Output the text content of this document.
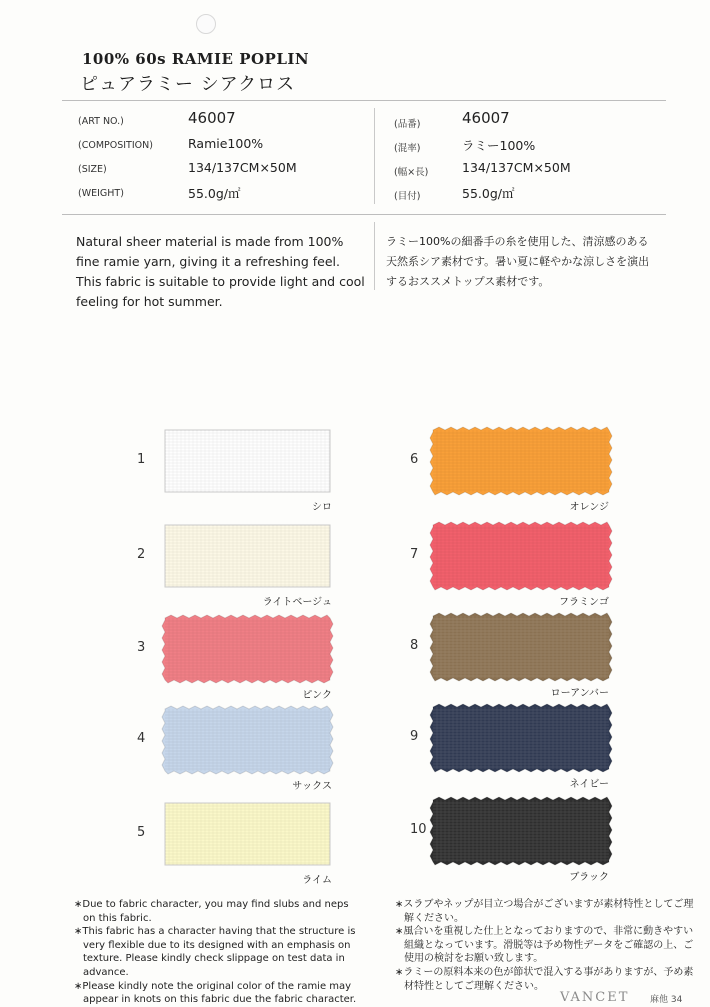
100% 60s RAMIE POPLIN
ピュアラミー シアクロス
(ART NO.)	46007
(COMPOSITION)	Ramie100%
(SIZE)	134/137CM×50M
(WEIGHT)	55.0g/㎡
(品番)	46007
(混率)	ラミー100%
(幅×長)	134/137CM×50M
(目付)	55.0g/㎡
Natural sheer material is made from 100%
fine ramie yarn, giving it a refreshing feel.
This fabric is suitable to provide light and cool
feeling for hot summer.
ラミー100%の細番手の糸を使用した、清涼感のある
天然系シア素材です。暑い夏に軽やかな涼しさを演出
するおススメトップス素材です。
1
シロ
2
ライトベージュ
3
ピンク
4
サックス
5
ライム
6
オレンジ
7
フラミンゴ
8
ローアンバー
9
ネイビー
10
ブラック

∗Due to fabric character, you may find slubs and neps on this fabric.

∗This fabric has a character having that the structure is very flexible due to its designed with an emphasis on texture. Please kindly check slippage on test data in advance.

∗Please kindly note the original color of the ramie may appear in knots on this fabric due the fabric character.

∗スラブやネップが目立つ場合がございますが素材特性としてご理解ください。

∗風合いを重視した仕上となっておりますので、非常に動きやすい組織となっています。滑脱等は予め物性データをご確認の上、ご使用の検討をお願い致します。

∗ラミーの原料本来の色が節状で混入する事がありますが、予め素材特性としてご理解ください。

VANCET 麻他 34
